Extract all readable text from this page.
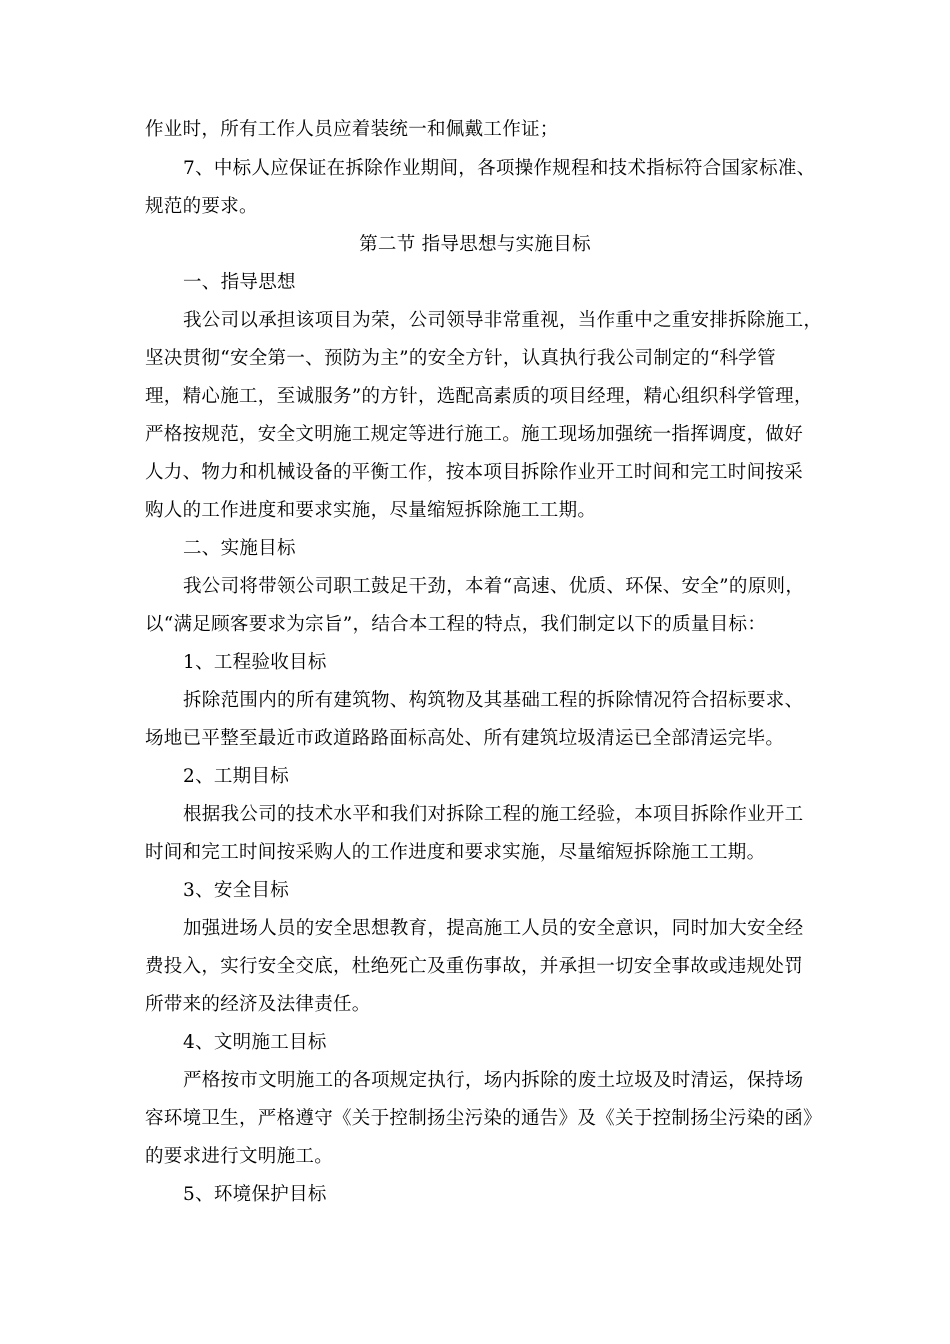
作业时，所有工作人员应着装统一和佩戴工作证；
7、中标人应保证在拆除作业期间，各项操作规程和技术指标符合国家标准、
规范的要求。
第二节 指导思想与实施目标
一、指导思想
我公司以承担该项目为荣，公司领导非常重视，当作重中之重安排拆除施工，
坚决贯彻“安全第一、预防为主”的安全方针，认真执行我公司制定的“科学管
理，精心施工，至诚服务”的方针，选配高素质的项目经理，精心组织科学管理，
严格按规范，安全文明施工规定等进行施工。施工现场加强统一指挥调度，做好
人力、物力和机械设备的平衡工作，按本项目拆除作业开工时间和完工时间按采
购人的工作进度和要求实施，尽量缩短拆除施工工期。
二、实施目标
我公司将带领公司职工鼓足干劲，本着“高速、优质、环保、安全”的原则，
以“满足顾客要求为宗旨”，结合本工程的特点，我们制定以下的质量目标：
1、工程验收目标
拆除范围内的所有建筑物、构筑物及其基础工程的拆除情况符合招标要求、
场地已平整至最近市政道路路面标高处、所有建筑垃圾清运已全部清运完毕。
2、工期目标
根据我公司的技术水平和我们对拆除工程的施工经验，本项目拆除作业开工
时间和完工时间按采购人的工作进度和要求实施，尽量缩短拆除施工工期。
3、安全目标
加强进场人员的安全思想教育，提高施工人员的安全意识，同时加大安全经
费投入，实行安全交底，杜绝死亡及重伤事故，并承担一切安全事故或违规处罚
所带来的经济及法律责任。
4、文明施工目标
严格按市文明施工的各项规定执行，场内拆除的废土垃圾及时清运，保持场
容环境卫生，严格遵守《关于控制扬尘污染的通告》及《关于控制扬尘污染的函》
的要求进行文明施工。
5、环境保护目标
